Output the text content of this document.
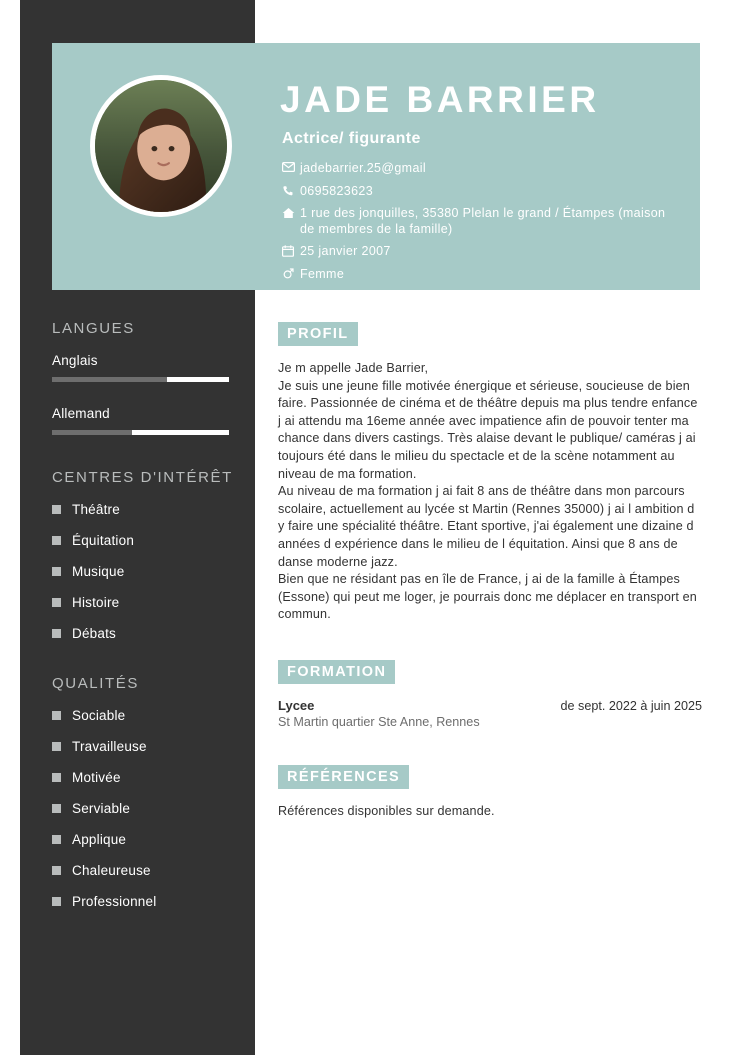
LANGUES

Anglais

Allemand

CENTRES D'INTÉRÊT
Théâtre
Équitation
Musique
Histoire
Débats
QUALITÉS
Sociable
Travailleuse
Motivée
Serviable
Applique
Chaleureuse
Professionnel
JADE BARRIER
Actrice/ figurante
jadebarrier.25@gmail
0695823623
1 rue des jonquilles, 35380 Plelan le grand / Étampes (maison de membres de la famille)
25 janvier 2007
Femme
PROFIL

Je m appelle Jade Barrier,

Je suis une jeune fille motivée énergique et sérieuse, soucieuse de bien faire. Passionnée de cinéma et de théâtre depuis ma plus tendre enfance j ai attendu ma 16eme année avec impatience afin de pouvoir tenter ma chance dans divers castings. Très alaise devant le publique/ caméras j ai toujours été dans le milieu du spectacle et de la scène notamment au niveau de ma formation.

Au niveau de ma formation j ai fait 8 ans de théâtre dans mon parcours scolaire, actuellement au lycée st Martin (Rennes 35000) j ai l ambition d y faire une spécialité théâtre. Etant sportive, j'ai également une dizaine d années d expérience dans le milieu de l équitation. Ainsi que 8 ans de danse moderne jazz.

Bien que ne résidant pas en île de France, j ai de la famille à Étampes (Essone) qui peut me loger, je pourrais donc me déplacer en transport en commun.

FORMATION
Lycee	de sept. 2022 à juin 2025
St Martin quartier Ste Anne, Rennes
RÉFÉRENCES

Références disponibles sur demande.
